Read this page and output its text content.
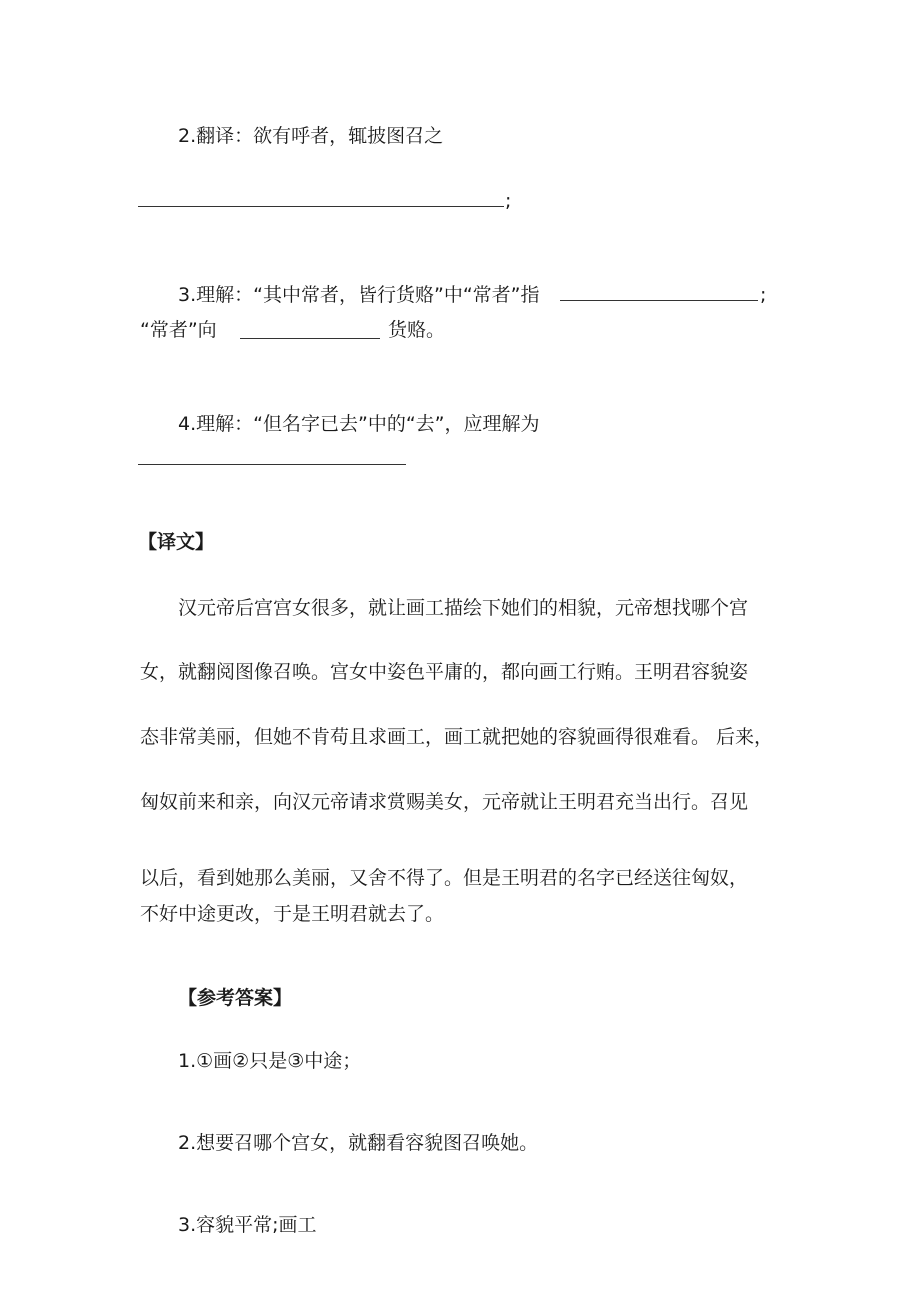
2.翻译：欲有呼者，辄披图召之
;
3.理解：“其中常者，皆行货赂”中“常者”指	;
“常者”向	货赂。
4.理解：“但名字已去”中的“去”，应理解为
【译文】
汉元帝后宫宫女很多，就让画工描绘下她们的相貌，元帝想找哪个宫
女，就翻阅图像召唤。宫女中姿色平庸的，都向画工行贿。王明君容貌姿
态非常美丽，但她不肯苟且求画工，画工就把她的容貌画得很难看。 后来，
匈奴前来和亲，向汉元帝请求赏赐美女，元帝就让王明君充当出行。召见
以后，看到她那么美丽，又舍不得了。但是王明君的名字已经送往匈奴，
不好中途更改，于是王明君就去了。
【参考答案】
1.①画②只是③中途；
2.想要召哪个宫女，就翻看容貌图召唤她。
3.容貌平常;画工
